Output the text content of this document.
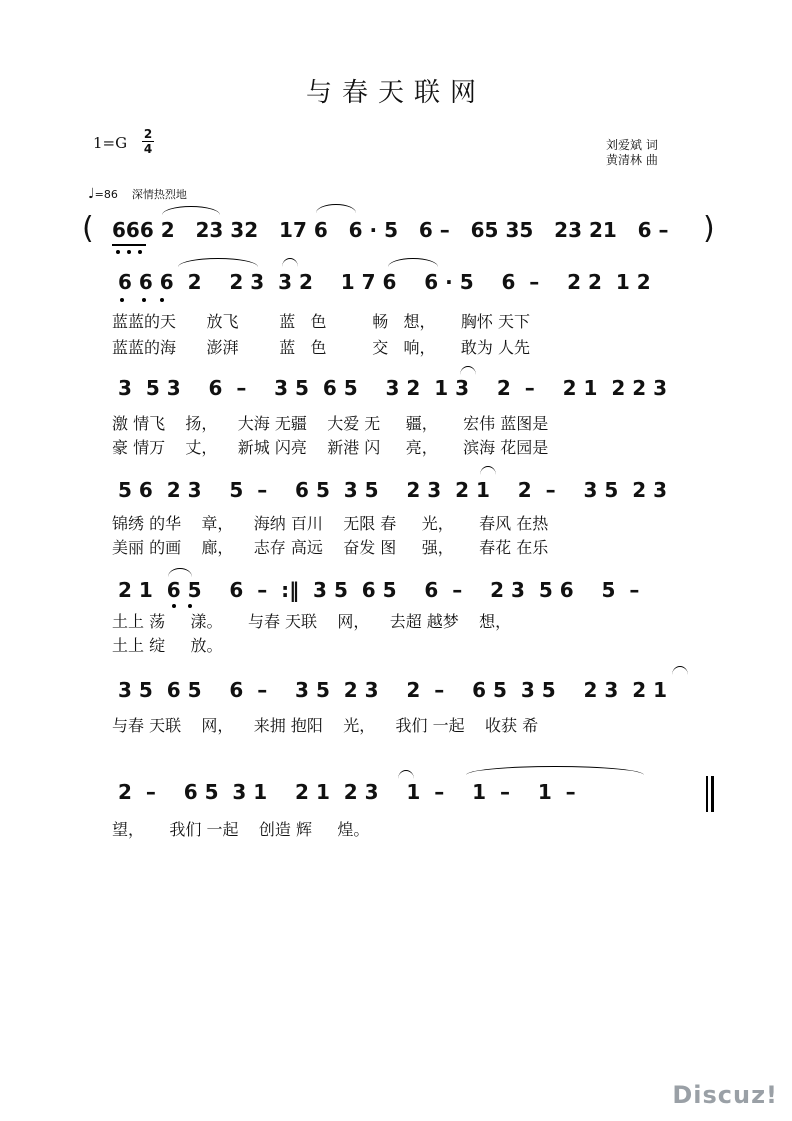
与春天联网
1=G 2
4	刘爱斌 词
黄清林 曲
♩=86 深情热烈地
( 666 2   23 32   17 6   6 · 5   6 –   65 35   23 21   6 – )
6 6 6  2    2 3  3 2    1 7 6    6 · 5    6  –    2 2  1 2
蓝蓝的天      放飞        蓝   色         畅   想，     胸怀 天下
蓝蓝的海      澎湃        蓝   色         交   响，     敢为 人先
3  5 3    6  –    3 5  6 5    3 2  1 3    2  –    2 1  2 2 3
激 情飞    扬，    大海 无疆    大爱 无     疆，     宏伟 蓝图是
豪 情万    丈，    新城 闪亮    新港 闪     亮，     滨海 花园是
5 6  2 3    5  –    6 5  3 5    2 3  2 1    2  –    3 5  2 3
锦绣 的华    章，    海纳 百川    无限 春     光，     春风 在热
美丽 的画    廊，    志存 高远    奋发 图     强，     春花 在乐
2 1  6 5    6  –  :‖  3 5  6 5    6  –    2 3  5 6    5  –
土上 荡     漾。     与春 天联    网，    去超 越梦    想，
土上 绽     放。
3 5  6 5    6  –    3 5  2 3    2  –    6 5  3 5    2 3  2 1
与春 天联    网，    来拥 抱阳    光，    我们 一起    收获 希
2  –    6 5  3 1    2 1  2 3    1  –    1  –    1  –
望，     我们 一起    创造 辉     煌。
Discuz!
